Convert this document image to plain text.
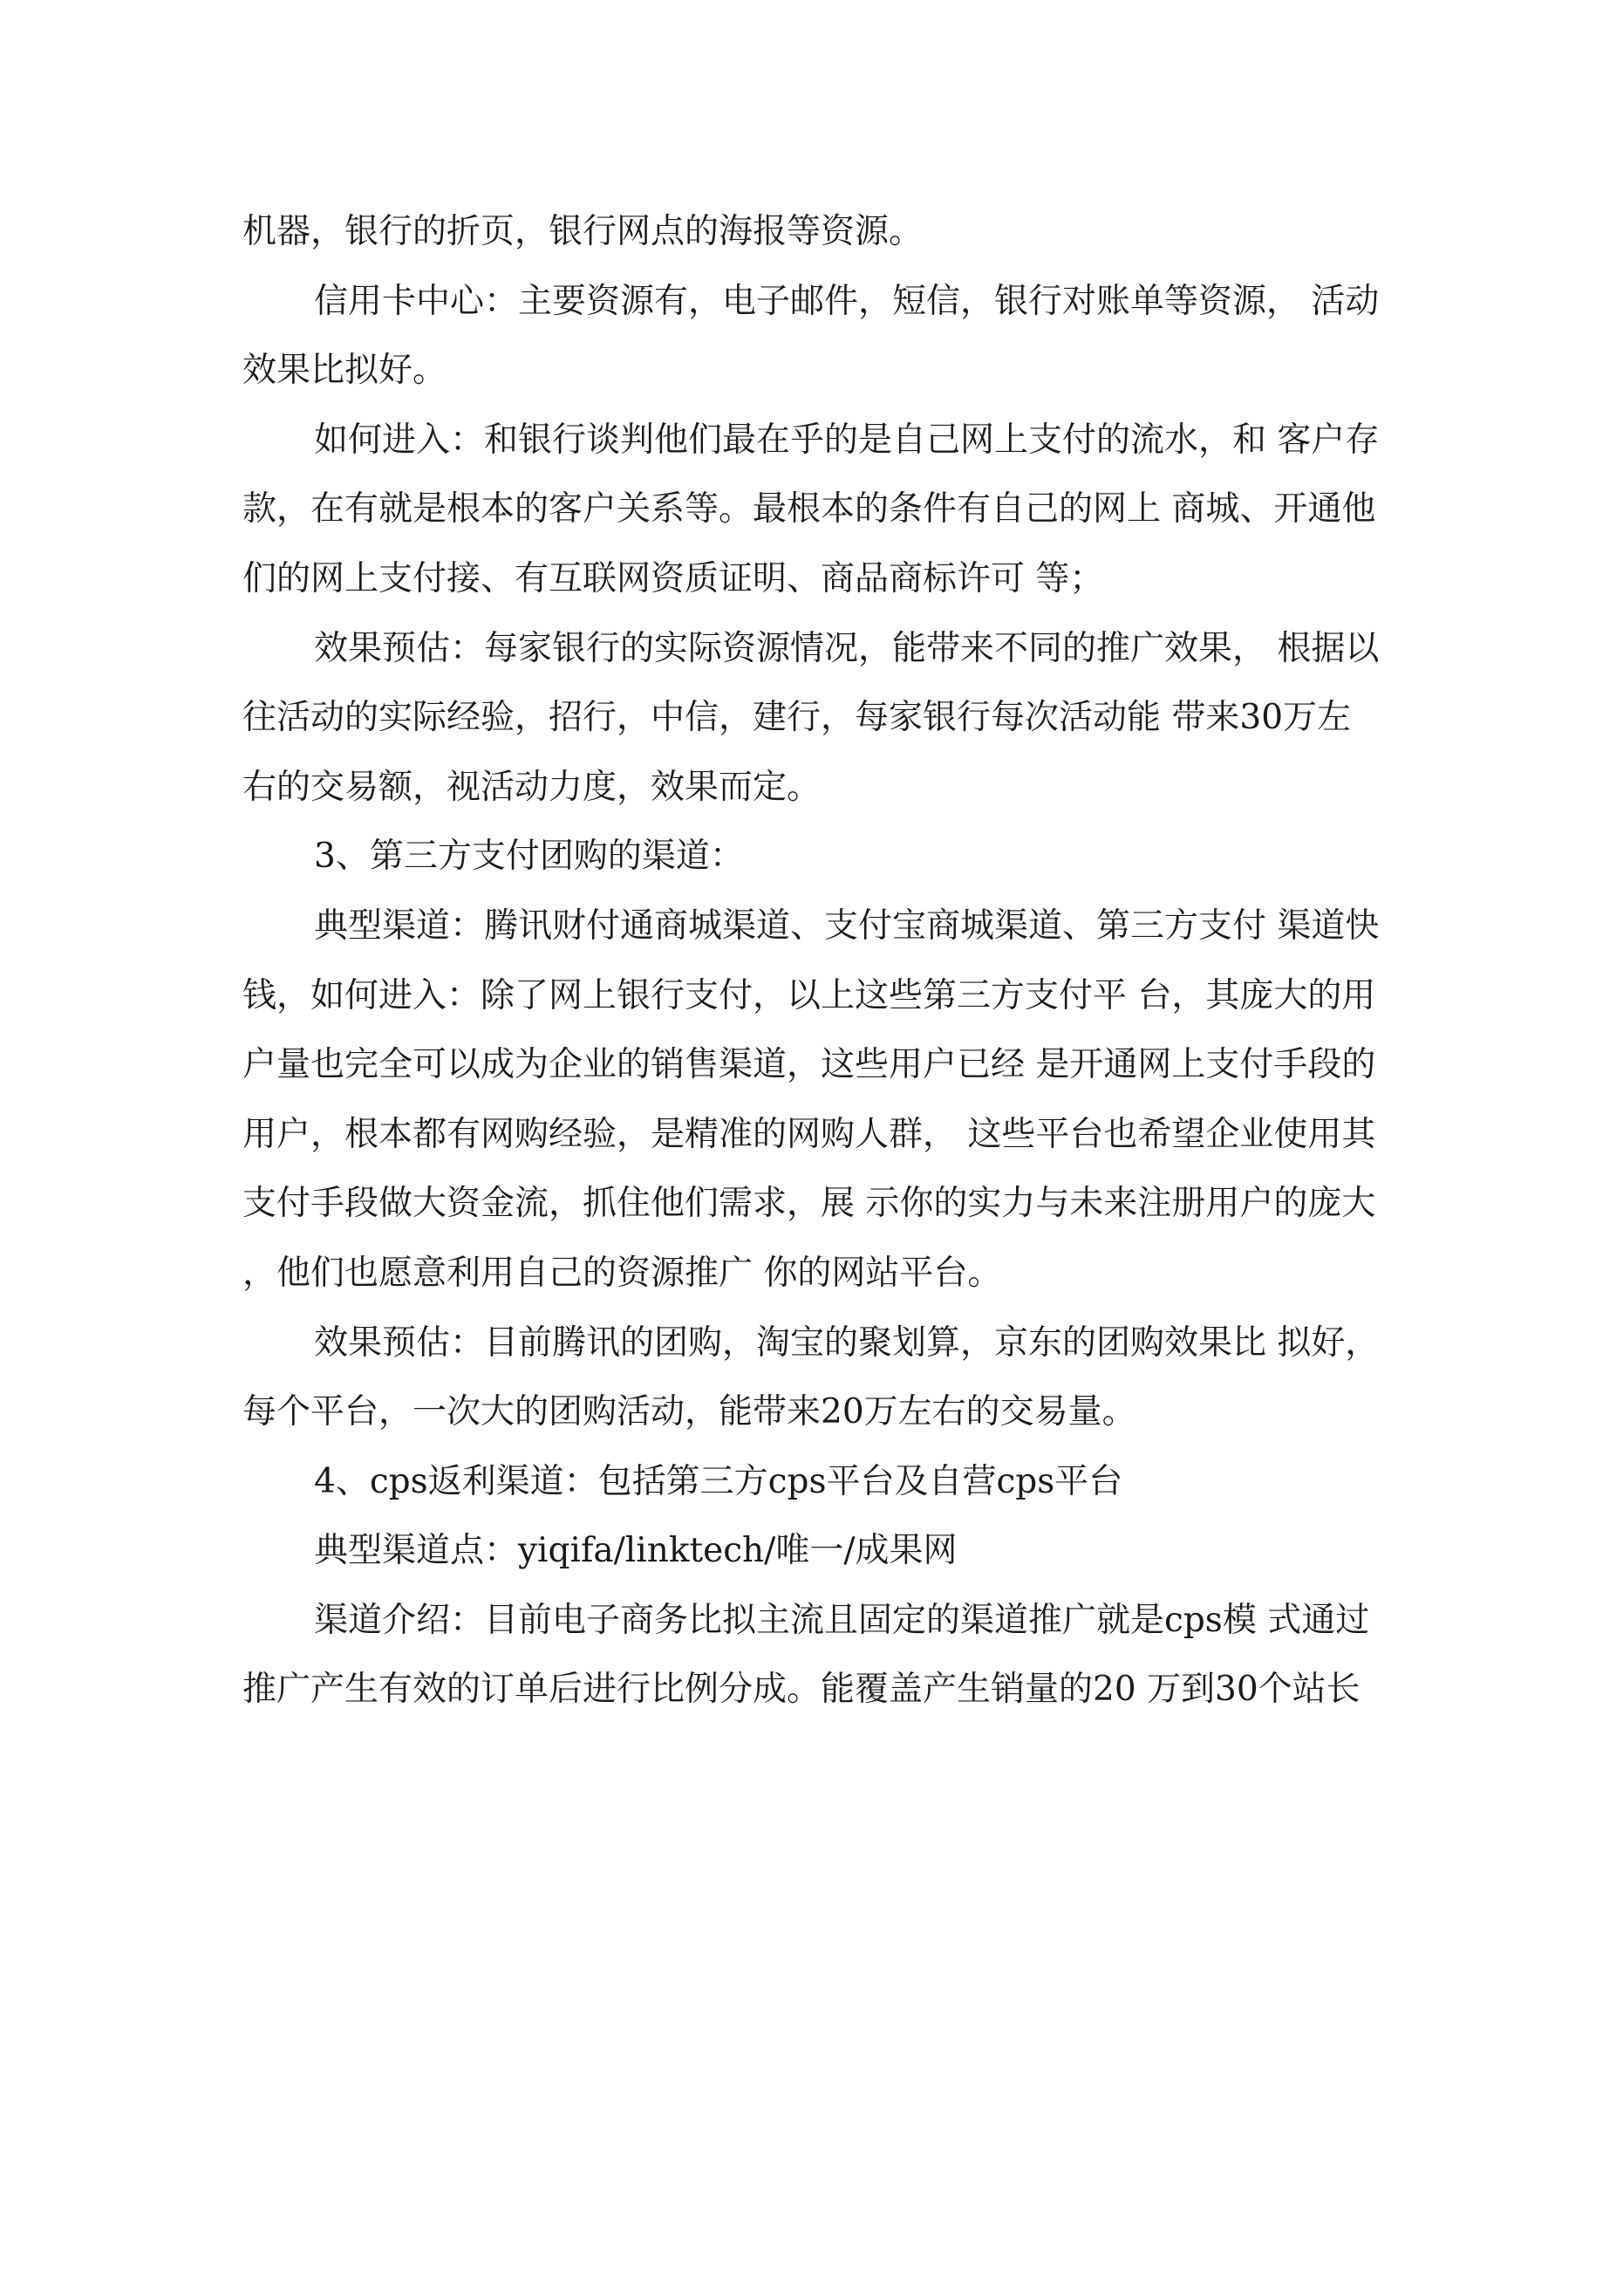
机器，银行的折页，银行网点的海报等资源。
信用卡中心：主要资源有，电子邮件，短信，银行对账单等资源， 活动
效果比拟好。
如何进入：和银行谈判他们最在乎的是自己网上支付的流水，和 客户存
款，在有就是根本的客户关系等。最根本的条件有自己的网上 商城、开通他
们的网上支付接、有互联网资质证明、商品商标许可 等；
效果预估：每家银行的实际资源情况，能带来不同的推广效果， 根据以
往活动的实际经验，招行，中信，建行，每家银行每次活动能 带来30万左
右的交易额，视活动力度，效果而定。
3、第三方支付团购的渠道：
典型渠道：腾讯财付通商城渠道、支付宝商城渠道、第三方支付 渠道快
钱，如何进入：除了网上银行支付，以上这些第三方支付平 台，其庞大的用
户量也完全可以成为企业的销售渠道，这些用户已经 是开通网上支付手段的
用户，根本都有网购经验，是精准的网购人群， 这些平台也希望企业使用其
支付手段做大资金流，抓住他们需求，展 示你的实力与未来注册用户的庞大
，他们也愿意利用自己的资源推广 你的网站平台。
效果预估：目前腾讯的团购，淘宝的聚划算，京东的团购效果比 拟好，
每个平台，一次大的团购活动，能带来20万左右的交易量。
4、cps返利渠道：包括第三方cps平台及自营cps平台
典型渠道点：yiqifa/linktech/唯一/成果网
渠道介绍：目前电子商务比拟主流且固定的渠道推广就是cps模 式通过
推广产生有效的订单后进行比例分成。能覆盖产生销量的20 万到30个站长
